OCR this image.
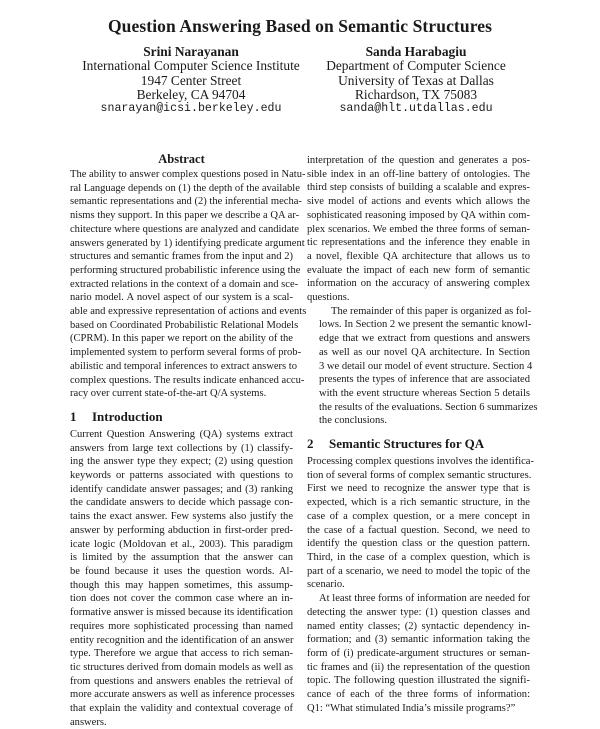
Question Answering Based on Semantic Structures
Srini Narayanan
International Computer Science Institute
1947 Center Street
Berkeley, CA 94704
snarayan@icsi.berkeley.edu
Sanda Harabagiu
Department of Computer Science
University of Texas at Dallas
Richardson, TX 75083
sanda@hlt.utdallas.edu
Abstract

The ability to answer complex questions posed in Natu-
ral Language depends on (1) the depth of the available
semantic representations and (2) the inferential mecha-
nisms they support. In this paper we describe a QA ar-
chitecture where questions are analyzed and candidate
answers generated by 1) identifying predicate argument
structures and semantic frames from the input and 2)
performing structured probabilistic inference using the
extracted relations in the context of a domain and sce-
nario model. A novel aspect of our system is a scal-
able and expressive representation of actions and events
based on Coordinated Probabilistic Relational Models
(CPRM). In this paper we report on the ability of the
implemented system to perform several forms of prob-
abilistic and temporal inferences to extract answers to
complex questions. The results indicate enhanced accu-
racy over current state-of-the-art Q/A systems.

1 Introduction

Current Question Answering (QA) systems extract
answers from large text collections by (1) classify-
ing the answer type they expect; (2) using question
keywords or patterns associated with questions to
identify candidate answer passages; and (3) ranking
the candidate answers to decide which passage con-
tains the exact answer. Few systems also justify the
answer by performing abduction in first-order pred-
icate logic (Moldovan et al., 2003). This paradigm
is limited by the assumption that the answer can
be found because it uses the question words. Al-
though this may happen sometimes, this assump-
tion does not cover the common case where an in-
formative answer is missed because its identification
requires more sophisticated processing than named
entity recognition and the identification of an answer
type. Therefore we argue that access to rich seman-
tic structures derived from domain models as well as
from questions and answers enables the retrieval of
more accurate answers as well as inference processes
that explain the validity and contextual coverage of
answers.

interpretation of the question and generates a pos-
sible index in an off-line battery of ontologies. The
third step consists of building a scalable and expres-
sive model of actions and events which allows the
sophisticated reasoning imposed by QA within com-
plex scenarios. We embed the three forms of seman-
tic representations and the inference they enable in
a novel, flexible QA architecture that allows us to
evaluate the impact of each new form of semantic
information on the accuracy of answering complex
questions.

The remainder of this paper is organized as fol-
lows. In Section 2 we present the semantic knowl-
edge that we extract from questions and answers
as well as our novel QA architecture. In Section
3 we detail our model of event structure. Section 4
presents the types of inference that are associated
with the event structure whereas Section 5 details
the results of the evaluations. Section 6 summarizes
the conclusions.

2 Semantic Structures for QA

Processing complex questions involves the identifica-
tion of several forms of complex semantic structures.
First we need to recognize the answer type that is
expected, which is a rich semantic structure, in the
case of a complex question, or a mere concept in
the case of a factual question. Second, we need to
identify the question class or the question pattern.
Third, in the case of a complex question, which is
part of a scenario, we need to model the topic of the
scenario.

At least three forms of information are needed for
detecting the answer type: (1) question classes and
named entity classes; (2) syntactic dependency in-
formation; and (3) semantic information taking the
form of (i) predicate-argument structures or seman-
tic frames and (ii) the representation of the question
topic. The following question illustrated the signifi-
cance of each of the three forms of information:
Q1: “What stimulated India’s missile programs?”
